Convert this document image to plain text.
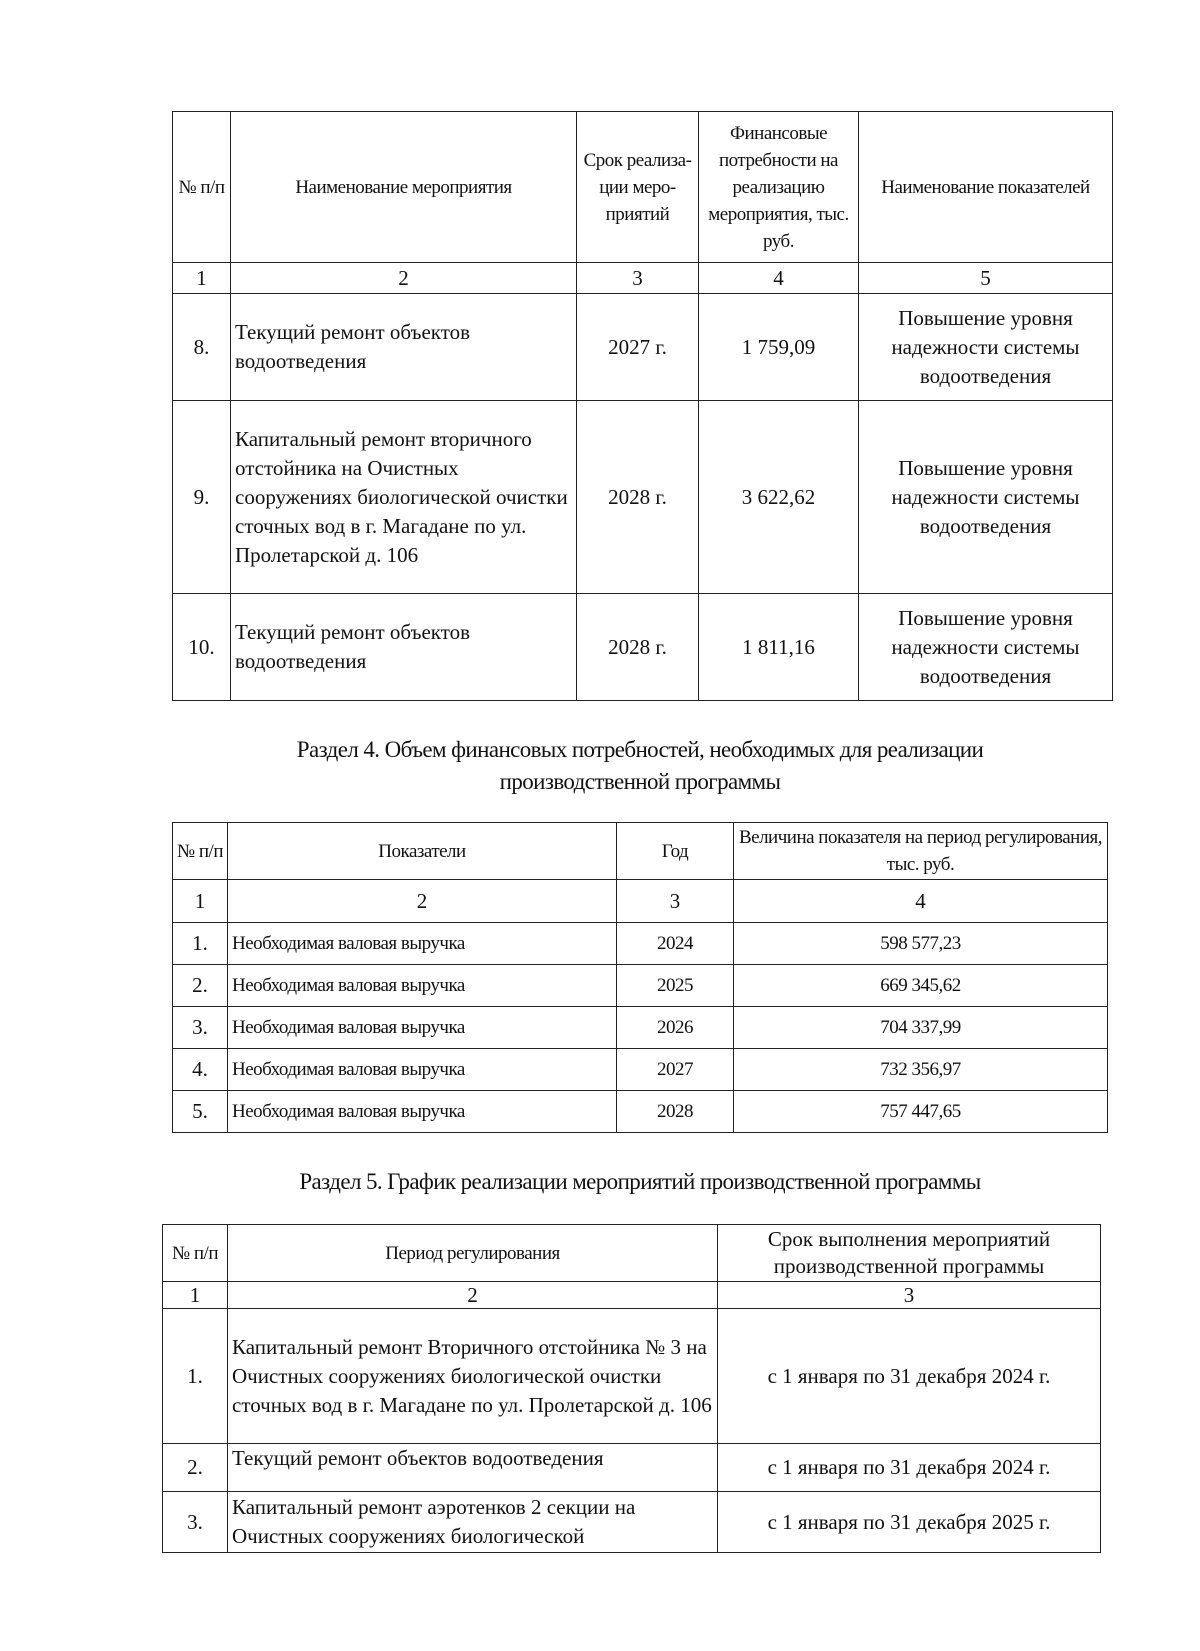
№ п/п	Наименование мероприятия	Срок реализа-ции меро-приятий	Финансовые потребности на реализацию мероприятия, тыс. руб.	Наименование показателей
1	2	3	4	5
8.	Текущий ремонт объектов водоотведения	2027 г.	1 759,09	Повышение уровня надежности системы водоотведения
9.	Капитальный ремонт вторичного отстойника на Очистных сооружениях биологической очистки сточных вод в г. Магадане по ул. Пролетарской д. 106	2028 г.	3 622,62	Повышение уровня надежности системы водоотведения
10.	Текущий ремонт объектов водоотведения	2028 г.	1 811,16	Повышение уровня надежности системы водоотведения
Раздел 4. Объем финансовых потребностей, необходимых для реализации
производственной программы
№ п/п	Показатели	Год	Величина показателя на период регулирования, тыс. руб.
1	2	3	4
1.	Необходимая валовая выручка	2024	598 577,23
2.	Необходимая валовая выручка	2025	669 345,62
3.	Необходимая валовая выручка	2026	704 337,99
4.	Необходимая валовая выручка	2027	732 356,97
5.	Необходимая валовая выручка	2028	757 447,65
Раздел 5. График реализации мероприятий производственной программы
№ п/п	Период регулирования	Срок выполнения мероприятий производственной программы
1	2	3
1.	Капитальный ремонт Вторичного отстойника № 3 на Очистных сооружениях биологической очистки сточных вод в г. Магадане по ул. Пролетарской д. 106	с 1 января по 31 декабря 2024 г.
2.	Текущий ремонт объектов водоотведения	с 1 января по 31 декабря 2024 г.
3.	Капитальный ремонт аэротенков 2 секции на Очистных сооружениях биологической	с 1 января по 31 декабря 2025 г.
